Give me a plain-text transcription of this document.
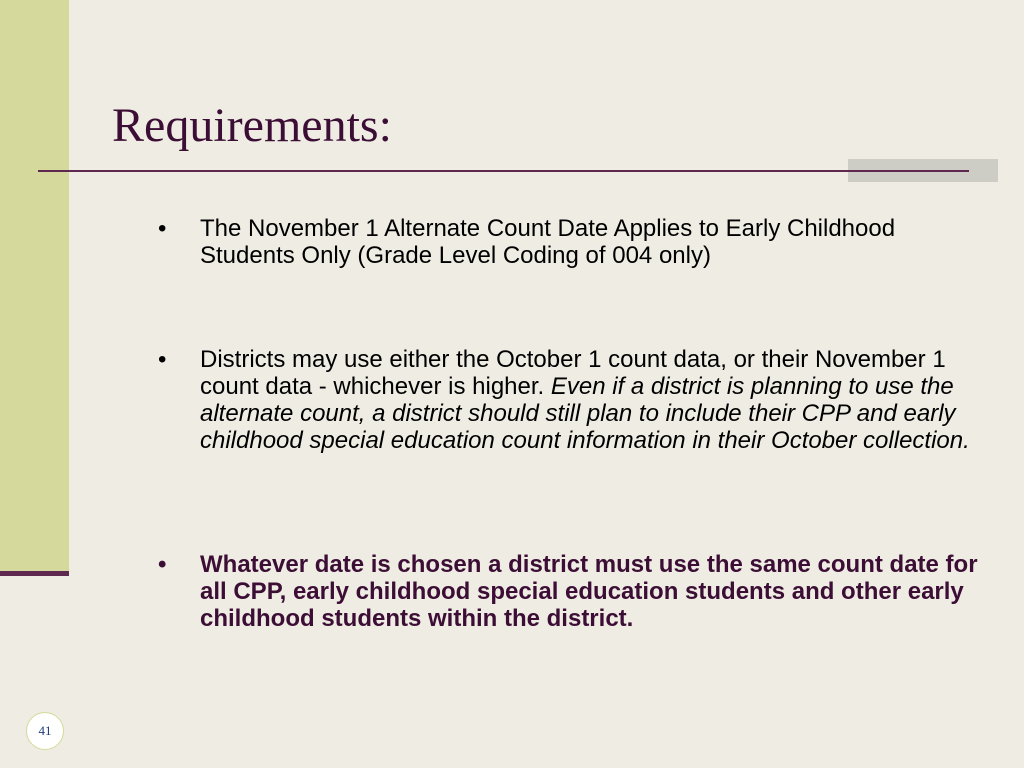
Requirements:
• The November 1 Alternate Count Date Applies to Early Childhood Students Only (Grade Level Coding of 004 only)
• Districts may use either the October 1 count data, or their November 1 count data - whichever is higher. Even if a district is planning to use the alternate count, a district should still plan to include their CPP and early childhood special education count information in their October collection.
• Whatever date is chosen a district must use the same count date for all CPP, early childhood special education students and other early childhood students within the district.
41
